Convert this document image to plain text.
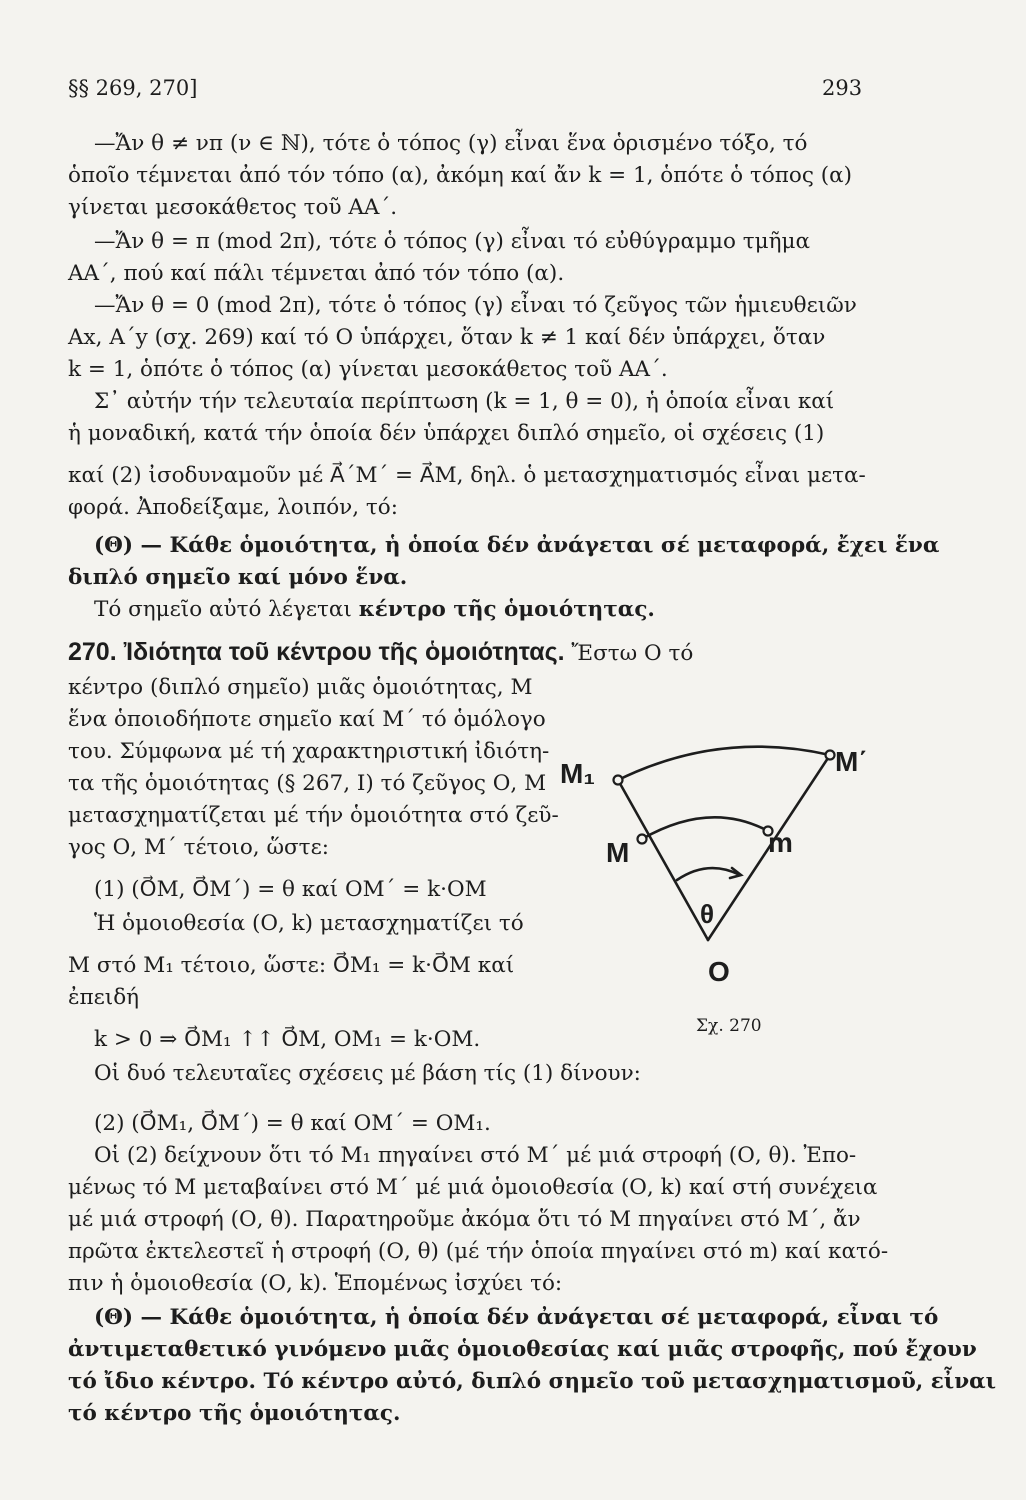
§§ 269, 270]	293
—Ἄν θ ≠ νπ (ν ∈ ℕ), τότε ὁ τόπος (γ) εἶναι ἕνα ὁρισμένο τόξο, τό
ὁποῖο τέμνεται ἀπό τόν τόπο (α), ἀκόμη καί ἄν k = 1, ὁπότε ὁ τόπος (α)
γίνεται μεσοκάθετος τοῦ ΑΑ΄.
—Ἄν θ = π (mod 2π), τότε ὁ τόπος (γ) εἶναι τό εὐθύγραμμο τμῆμα
ΑΑ΄, πού καί πάλι τέμνεται ἀπό τόν τόπο (α).
—Ἄν θ = 0 (mod 2π), τότε ὁ τόπος (γ) εἶναι τό ζεῦγος τῶν ἡμιευθειῶν
Αx, Α΄y (σχ. 269) καί τό Ο ὑπάρχει, ὅταν k ≠ 1 καί δέν ὑπάρχει, ὅταν
k = 1, ὁπότε ὁ τόπος (α) γίνεται μεσοκάθετος τοῦ ΑΑ΄.
Σ᾽ αὐτήν τήν τελευταία περίπτωση (k = 1, θ = 0), ἡ ὁποία εἶναι καί
ἡ μοναδική, κατά τήν ὁποία δέν ὑπάρχει διπλό σημεῖο, οἱ σχέσεις (1)
καί (2) ἰσοδυναμοῦν μέ A⃗΄M΄ = A⃗M, δηλ. ὁ μετασχηματισμός εἶναι μετα-
φορά. Ἀποδείξαμε, λοιπόν, τό:
(Θ) — Κάθε ὁμοιότητα, ἡ ὁποία δέν ἀνάγεται σέ μεταφορά, ἔχει ἕνα
διπλό σημεῖο καί μόνο ἕνα.
Τό σημεῖο αὐτό λέγεται κέντρο τῆς ὁμοιότητας.
270. Ἰδιότητα τοῦ κέντρου τῆς ὁμοιότητας. Ἔστω Ο τό
κέντρο (διπλό σημεῖο) μιᾶς ὁμοιότητας, Μ
ἕνα ὁποιοδήποτε σημεῖο καί Μ΄ τό ὁμόλογο
του. Σύμφωνα μέ τή χαρακτηριστική ἰδιότη-
τα τῆς ὁμοιότητας (§ 267, Ι) τό ζεῦγος Ο, Μ
μετασχηματίζεται μέ τήν ὁμοιότητα στό ζεῦ-
γος Ο, Μ΄ τέτοιο, ὥστε:
(1) (O⃗M, O⃗M΄) = θ καί ΟΜ΄ = k·ΟΜ
Ἡ ὁμοιοθεσία (Ο, k) μετασχηματίζει τό
Μ στό Μ₁ τέτοιο, ὥστε: O⃗M₁ = k·O⃗M καί
ἐπειδή
k > 0 ⇒ O⃗M₁ ↑↑ O⃗M, ΟΜ₁ = k·ΟΜ.
Οἱ δυό τελευταῖες σχέσεις μέ βάση τίς (1) δίνουν:
(2) (O⃗M₁, O⃗M΄) = θ καί ΟΜ΄ = ΟΜ₁.
Οἱ (2) δείχνουν ὅτι τό Μ₁ πηγαίνει στό Μ΄ μέ μιά στροφή (Ο, θ). Ἐπο-
μένως τό Μ μεταβαίνει στό Μ΄ μέ μιά ὁμοιοθεσία (Ο, k) καί στή συνέχεια
μέ μιά στροφή (Ο, θ). Παρατηροῦμε ἀκόμα ὅτι τό Μ πηγαίνει στό Μ΄, ἄν
πρῶτα ἐκτελεστεῖ ἡ στροφή (Ο, θ) (μέ τήν ὁποία πηγαίνει στό m) καί κατό-
πιν ἡ ὁμοιοθεσία (Ο, k). Ἑπομένως ἰσχύει τό:
(Θ) — Κάθε ὁμοιότητα, ἡ ὁποία δέν ἀνάγεται σέ μεταφορά, εἶναι τό
ἀντιμεταθετικό γινόμενο μιᾶς ὁμοιοθεσίας καί μιᾶς στροφῆς, πού ἔχουν
τό ἴδιο κέντρο. Τό κέντρο αὐτό, διπλό σημεῖο τοῦ μετασχηματισμοῦ, εἶναι
τό κέντρο τῆς ὁμοιότητας.
M₁	M΄
M	m
θ
O
Σχ. 270
